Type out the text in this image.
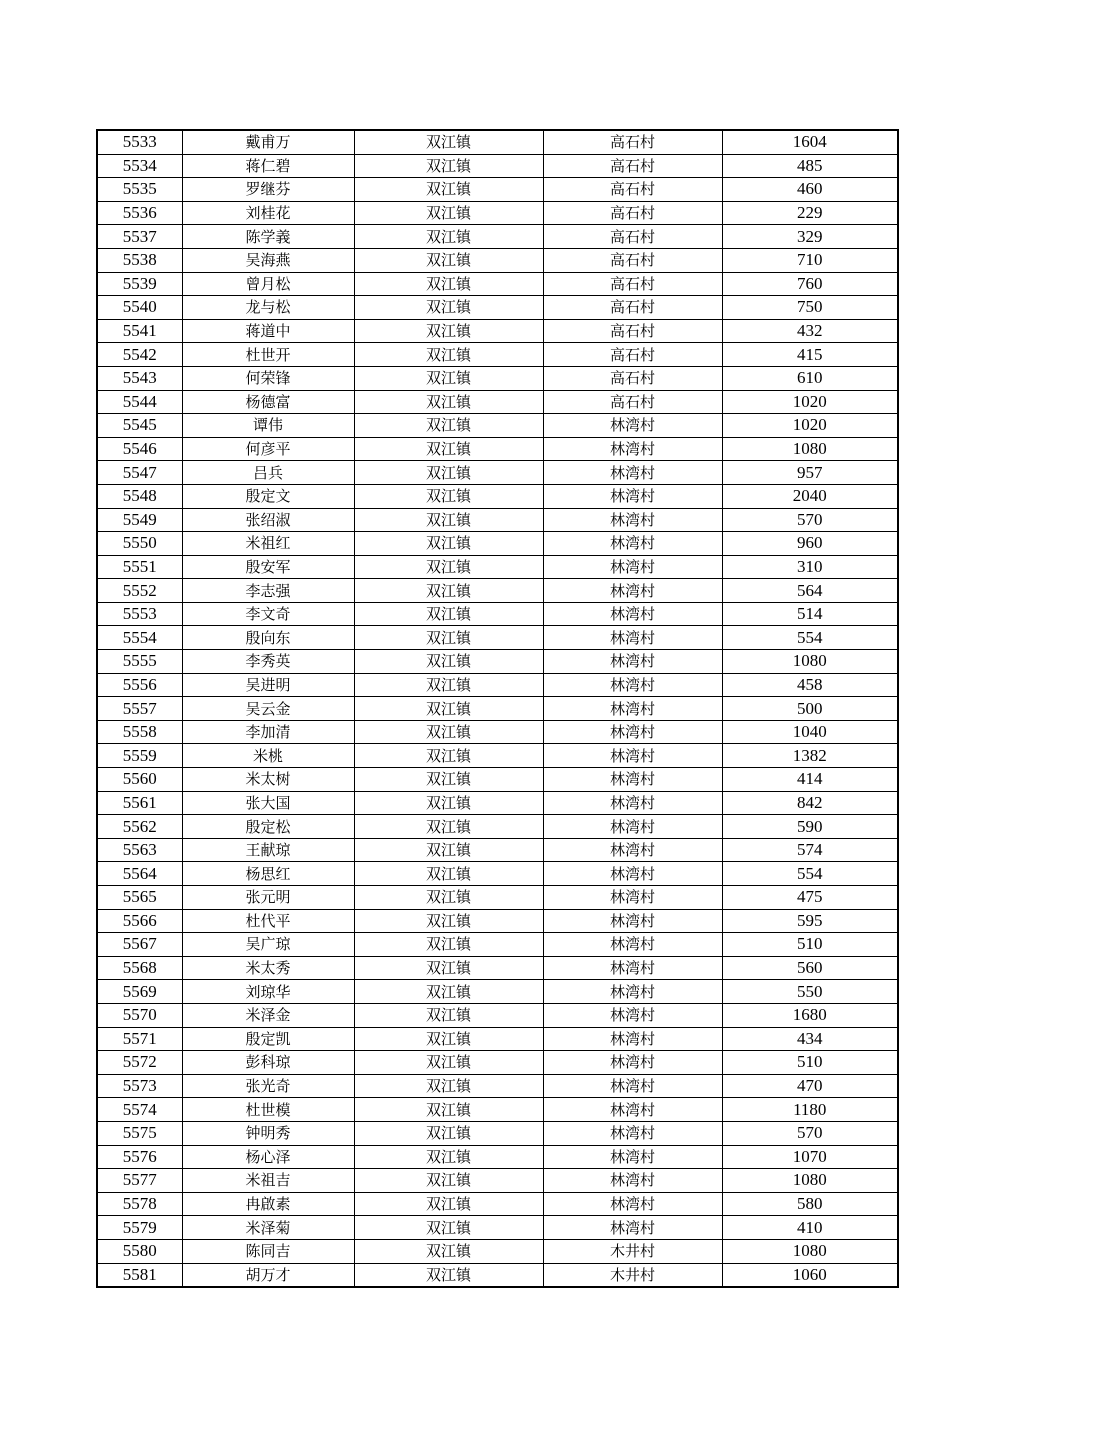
5533	戴甫万	双江镇	高石村	1604
5534	蒋仁碧	双江镇	高石村	485
5535	罗继芬	双江镇	高石村	460
5536	刘桂花	双江镇	高石村	229
5537	陈学義	双江镇	高石村	329
5538	吴海燕	双江镇	高石村	710
5539	曾月松	双江镇	高石村	760
5540	龙与松	双江镇	高石村	750
5541	蒋道中	双江镇	高石村	432
5542	杜世开	双江镇	高石村	415
5543	何荣锋	双江镇	高石村	610
5544	杨德富	双江镇	高石村	1020
5545	谭伟	双江镇	林湾村	1020
5546	何彦平	双江镇	林湾村	1080
5547	吕兵	双江镇	林湾村	957
5548	殷定文	双江镇	林湾村	2040
5549	张绍淑	双江镇	林湾村	570
5550	米祖红	双江镇	林湾村	960
5551	殷安军	双江镇	林湾村	310
5552	李志强	双江镇	林湾村	564
5553	李文奇	双江镇	林湾村	514
5554	殷向东	双江镇	林湾村	554
5555	李秀英	双江镇	林湾村	1080
5556	吴进明	双江镇	林湾村	458
5557	吴云金	双江镇	林湾村	500
5558	李加清	双江镇	林湾村	1040
5559	米桃	双江镇	林湾村	1382
5560	米太树	双江镇	林湾村	414
5561	张大国	双江镇	林湾村	842
5562	殷定松	双江镇	林湾村	590
5563	王献琼	双江镇	林湾村	574
5564	杨思红	双江镇	林湾村	554
5565	张元明	双江镇	林湾村	475
5566	杜代平	双江镇	林湾村	595
5567	吴广琼	双江镇	林湾村	510
5568	米太秀	双江镇	林湾村	560
5569	刘琼华	双江镇	林湾村	550
5570	米泽金	双江镇	林湾村	1680
5571	殷定凯	双江镇	林湾村	434
5572	彭科琼	双江镇	林湾村	510
5573	张光奇	双江镇	林湾村	470
5574	杜世模	双江镇	林湾村	1180
5575	钟明秀	双江镇	林湾村	570
5576	杨心泽	双江镇	林湾村	1070
5577	米祖吉	双江镇	林湾村	1080
5578	冉啟素	双江镇	林湾村	580
5579	米泽菊	双江镇	林湾村	410
5580	陈同吉	双江镇	木井村	1080
5581	胡万才	双江镇	木井村	1060
